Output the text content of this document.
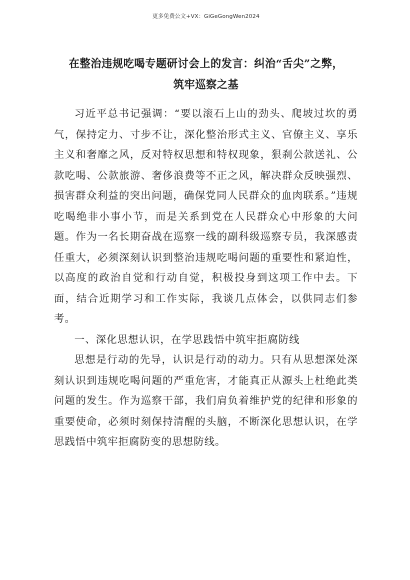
更多免费公文+VX：GiGeGongWen2024
在整治违规吃喝专题研讨会上的发言：纠治“舌尖”之弊，
筑牢巡察之基

习近平总书记强调：“要以滚石上山的劲头、爬坡过坎的勇气，保持定力、寸步不让，深化整治形式主义、官僚主义、享乐主义和奢靡之风，反对特权思想和特权现象，狠刹公款送礼、公款吃喝、公款旅游、奢侈浪费等不正之风，解决群众反映强烈、损害群众利益的突出问题，确保党同人民群众的血肉联系。”违规吃喝绝非小事小节，而是关系到党在人民群众心中形象的大问题。作为一名长期奋战在巡察一线的副科级巡察专员，我深感责任重大，必须深刻认识到整治违规吃喝问题的重要性和紧迫性，以高度的政治自觉和行动自觉，积极投身到这项工作中去。下面，结合近期学习和工作实际，我谈几点体会，以供同志们参考。

一、深化思想认识，在学思践悟中筑牢拒腐防线

思想是行动的先导，认识是行动的动力。只有从思想深处深刻认识到违规吃喝问题的严重危害，才能真正从源头上杜绝此类问题的发生。作为巡察干部，我们肩负着维护党的纪律和形象的重要使命，必须时刻保持清醒的头脑，不断深化思想认识，在学思践悟中筑牢拒腐防变的思想防线。
